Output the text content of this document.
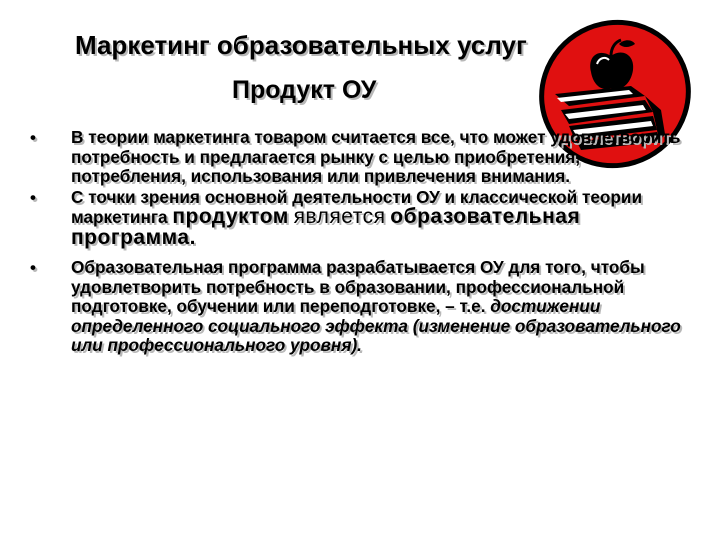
Маркетинг образовательных услуг
Продукт ОУ
•	В теории маркетинга товаром считается все, что может удовлетворить потребность и предлагается рынку с целью приобретения, потребления, использования или привлечения внимания.
•	С точки зрения основной деятельности ОУ и классической теории маркетинга продуктом является образовательная программа.
•	Образовательная программа разрабатывается ОУ для того, чтобы удовлетворить потребность в образовании, профессиональной подготовке, обучении или переподготовке, – т.е. достижении определенного социального эффекта (изменение образовательного или профессионального уровня).
